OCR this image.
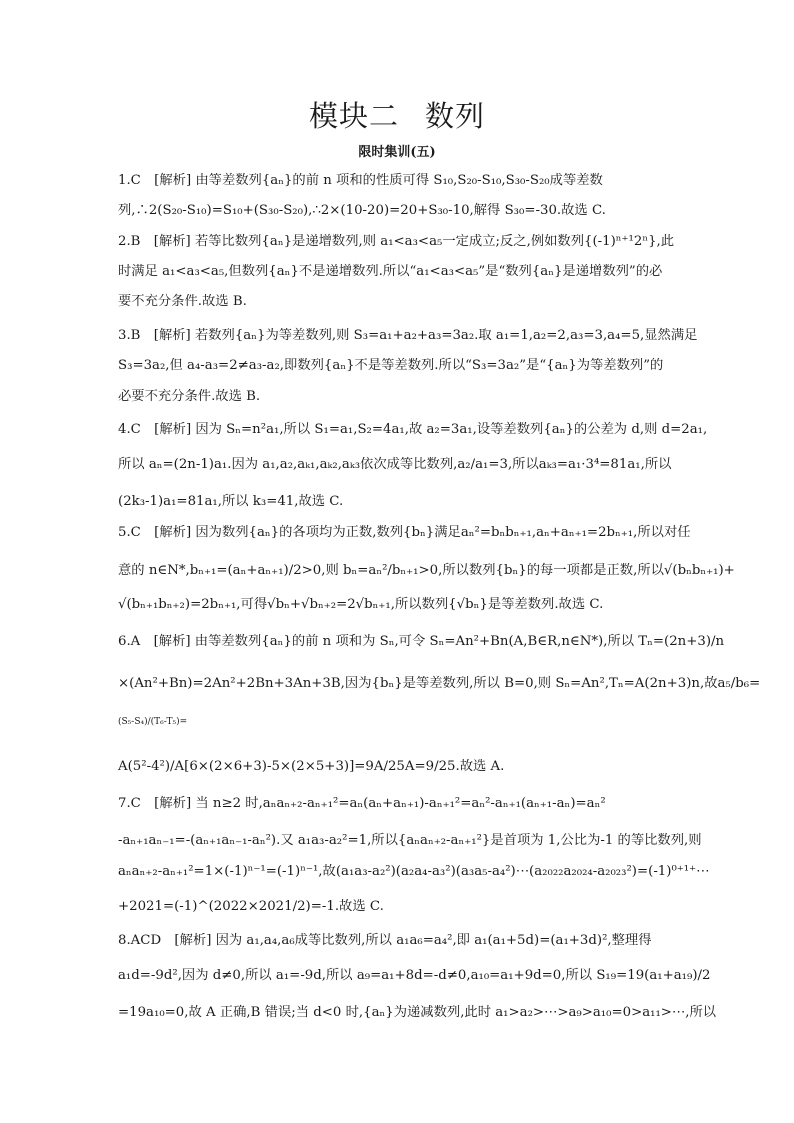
模块二 数列
限时集训(五)
1.C　[解析] 由等差数列{aₙ}的前 n 项和的性质可得 S₁₀,S₂₀-S₁₀,S₃₀-S₂₀成等差数
列,∴2(S₂₀-S₁₀)=S₁₀+(S₃₀-S₂₀),∴2×(10-20)=20+S₃₀-10,解得 S₃₀=-30.故选 C.
2.B　[解析] 若等比数列{aₙ}是递增数列,则 a₁<a₃<a₅一定成立;反之,例如数列{(-1)ⁿ⁺¹2ⁿ},此
时满足 a₁<a₃<a₅,但数列{aₙ}不是递增数列.所以“a₁<a₃<a₅”是“数列{aₙ}是递增数列”的必
要不充分条件.故选 B.
3.B　[解析] 若数列{aₙ}为等差数列,则 S₃=a₁+a₂+a₃=3a₂.取 a₁=1,a₂=2,a₃=3,a₄=5,显然满足
S₃=3a₂,但 a₄-a₃=2≠a₃-a₂,即数列{aₙ}不是等差数列.所以“S₃=3a₂”是“{aₙ}为等差数列”的
必要不充分条件.故选 B.
4.C　[解析] 因为 Sₙ=n²a₁,所以 S₁=a₁,S₂=4a₁,故 a₂=3a₁,设等差数列{aₙ}的公差为 d,则 d=2a₁,
所以 aₙ=(2n-1)a₁.因为 a₁,a₂,aₖ₁,aₖ₂,aₖ₃依次成等比数列,a₂/a₁=3,所以aₖ₃=a₁·3⁴=81a₁,所以
(2k₃-1)a₁=81a₁,所以 k₃=41,故选 C.
5.C　[解析] 因为数列{aₙ}的各项均为正数,数列{bₙ}满足aₙ²=bₙbₙ₊₁,aₙ+aₙ₊₁=2bₙ₊₁,所以对任
意的 n∈N*,bₙ₊₁=(aₙ+aₙ₊₁)/2>0,则 bₙ=aₙ²/bₙ₊₁>0,所以数列{bₙ}的每一项都是正数,所以√(bₙbₙ₊₁)+
√(bₙ₊₁bₙ₊₂)=2bₙ₊₁,可得√bₙ+√bₙ₊₂=2√bₙ₊₁,所以数列{√bₙ}是等差数列.故选 C.
6.A　[解析] 由等差数列{aₙ}的前 n 项和为 Sₙ,可令 Sₙ=An²+Bn(A,B∈R,n∈N*),所以 Tₙ=(2n+3)/n
×(An²+Bn)=2An²+2Bn+3An+3B,因为{bₙ}是等差数列,所以 B=0,则 Sₙ=An²,Tₙ=A(2n+3)n,故a₅/b₆=
(S₅-S₄)/(T₆-T₅)=
A(5²-4²)/A[6×(2×6+3)-5×(2×5+3)]=9A/25A=9/25.故选 A.
7.C　[解析] 当 n≥2 时,aₙaₙ₊₂-aₙ₊₁²=aₙ(aₙ+aₙ₊₁)-aₙ₊₁²=aₙ²-aₙ₊₁(aₙ₊₁-aₙ)=aₙ²
-aₙ₊₁aₙ₋₁=-(aₙ₊₁aₙ₋₁-aₙ²).又 a₁a₃-a₂²=1,所以{aₙaₙ₊₂-aₙ₊₁²}是首项为 1,公比为-1 的等比数列,则
aₙaₙ₊₂-aₙ₊₁²=1×(-1)ⁿ⁻¹=(-1)ⁿ⁻¹,故(a₁a₃-a₂²)(a₂a₄-a₃²)(a₃a₅-a₄²)⋯(a₂₀₂₂a₂₀₂₄-a₂₀₂₃²)=(-1)⁰⁺¹⁺⋯
+2021=(-1)^(2022×2021/2)=-1.故选 C.
8.ACD　[解析] 因为 a₁,a₄,a₆成等比数列,所以 a₁a₆=a₄²,即 a₁(a₁+5d)=(a₁+3d)²,整理得
a₁d=-9d²,因为 d≠0,所以 a₁=-9d,所以 a₉=a₁+8d=-d≠0,a₁₀=a₁+9d=0,所以 S₁₉=19(a₁+a₁₉)/2
=19a₁₀=0,故 A 正确,B 错误;当 d<0 时,{aₙ}为递减数列,此时 a₁>a₂>⋯>a₉>a₁₀=0>a₁₁>⋯,所以
